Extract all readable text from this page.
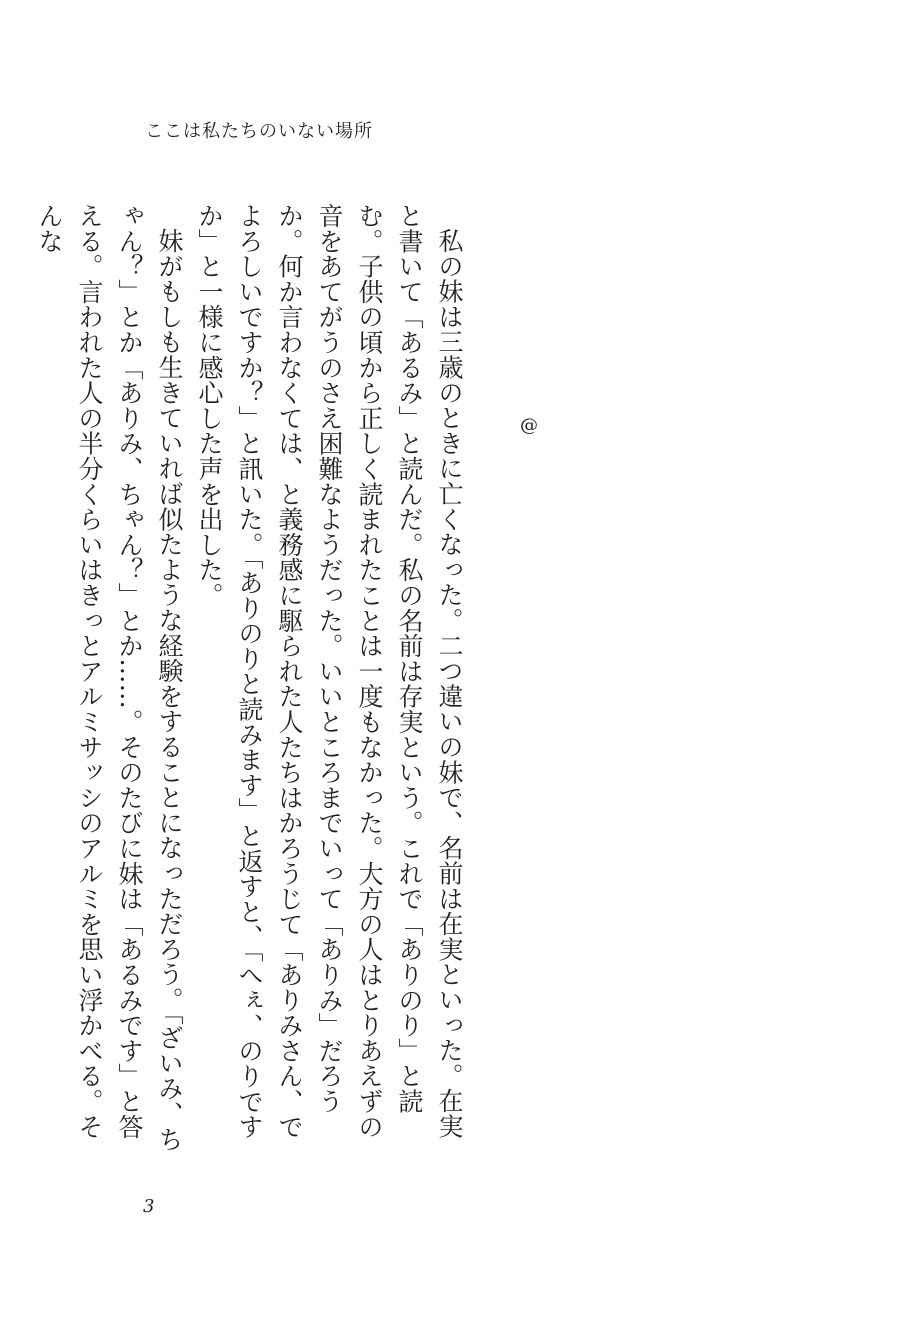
ここは私たちのいない場所
@

私の妹は三歳のときに亡くなった。二つ違いの妹で、名前は在実といった。在実と書いて「あるみ」と読んだ。私の名前は存実という。これで「ありのり」と読む。子供の頃から正しく読まれたことは一度もなかった。大方の人はとりあえずの音をあてがうのさえ困難なようだった。いいところまでいって「ありみ」だろうか。何か言わなくては、と義務感に駆られた人たちはかろうじて「ありみさん、でよろしいですか？」と訊いた。「ありのりと読みます」と返すと、「へぇ、のりですか」と一様に感心した声を出した。

妹がもしも生きていれば似たような経験をすることになっただろう。「ざいみ、ちゃん？」とか「ありみ、ちゃん？」とか……。そのたびに妹は「あるみです」と答える。言われた人の半分くらいはきっとアルミサッシのアルミを思い浮かべる。そんな

3
